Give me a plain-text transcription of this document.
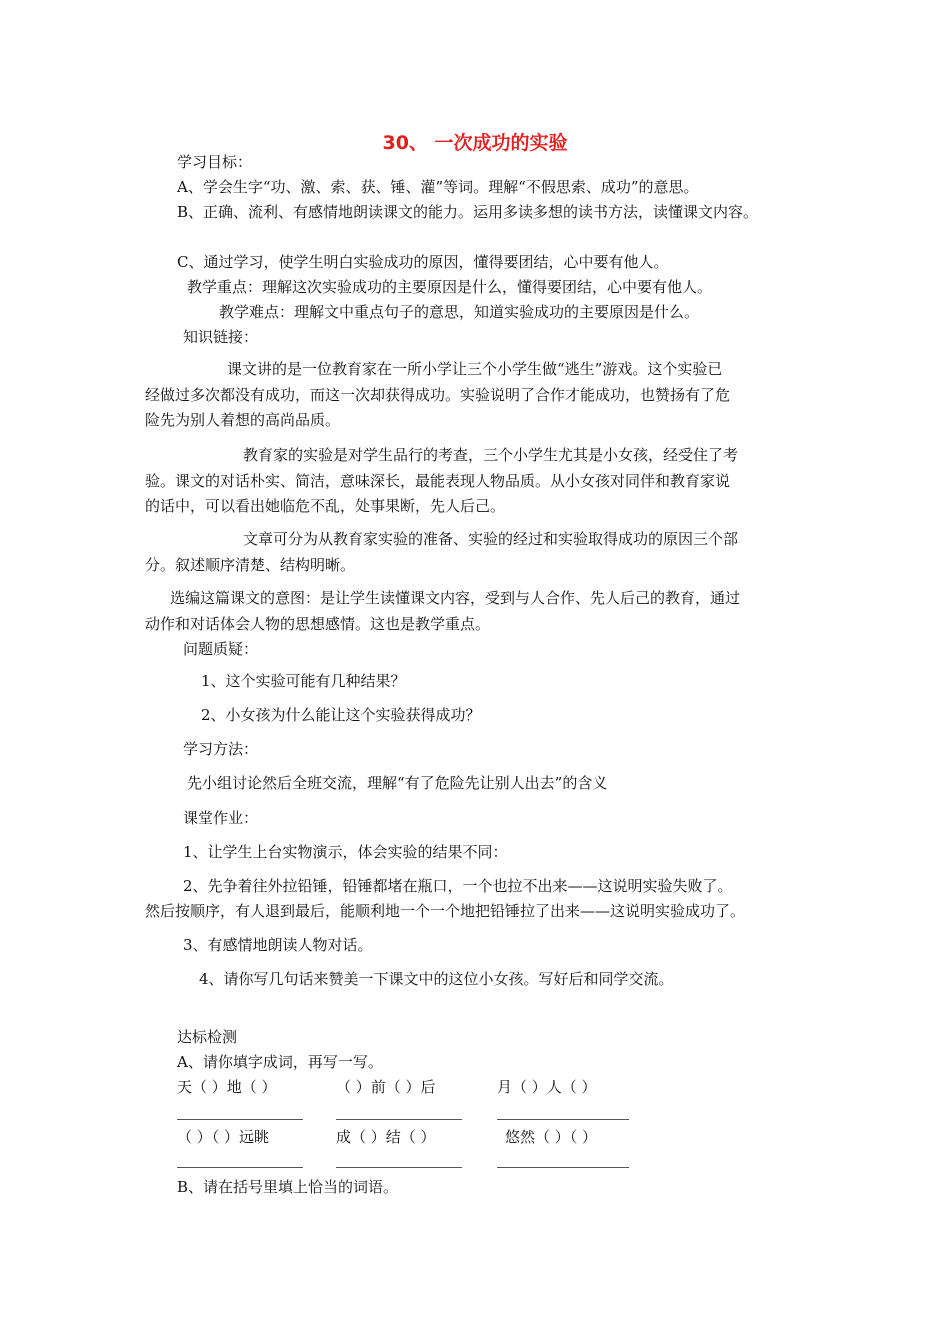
30、 一次成功的实验
学习目标：
A、学会生字“功、激、索、获、锤、灌”等词。理解“不假思索、成功”的意思。
B、正确、流利、有感情地朗读课文的能力。运用多读多想的读书方法，读懂课文内容。
C、通过学习，使学生明白实验成功的原因，懂得要团结，心中要有他人。
教学重点：理解这次实验成功的主要原因是什么，懂得要团结，心中要有他人。
教学难点：理解文中重点句子的意思，知道实验成功的主要原因是什么。
知识链接：
课文讲的是一位教育家在一所小学让三个小学生做“逃生”游戏。这个实验已
经做过多次都没有成功，而这一次却获得成功。实验说明了合作才能成功，也赞扬有了危
险先为别人着想的高尚品质。
教育家的实验是对学生品行的考查，三个小学生尤其是小女孩，经受住了考
验。课文的对话朴实、简洁，意味深长，最能表现人物品质。从小女孩对同伴和教育家说
的话中，可以看出她临危不乱，处事果断，先人后己。
文章可分为从教育家实验的准备、实验的经过和实验取得成功的原因三个部
分。叙述顺序清楚、结构明晰。
选编这篇课文的意图：是让学生读懂课文内容，受到与人合作、先人后己的教育，通过
动作和对话体会人物的思想感情。这也是教学重点。
问题质疑：
1、这个实验可能有几种结果？
2、小女孩为什么能让这个实验获得成功？
学习方法：
先小组讨论然后全班交流，理解“有了危险先让别人出去”的含义
课堂作业：
1、让学生上台实物演示，体会实验的结果不同：
2、先争着往外拉铅锤，铅锤都堵在瓶口，一个也拉不出来——这说明实验失败了。
然后按顺序，有人退到最后，能顺利地一个一个地把铅锤拉了出来——这说明实验成功了。
3、有感情地朗读人物对话。
4、请你写几句话来赞美一下课文中的这位小女孩。写好后和同学交流。
达标检测
A、请你填字成词，再写一写。
天（ ）地（ ）	（ ）前（ ）后	月（ ）人（ ）
（ ）（ ）远眺	成（ ）结（ ）	悠然（ ）（ ）
B、请在括号里填上恰当的词语。
